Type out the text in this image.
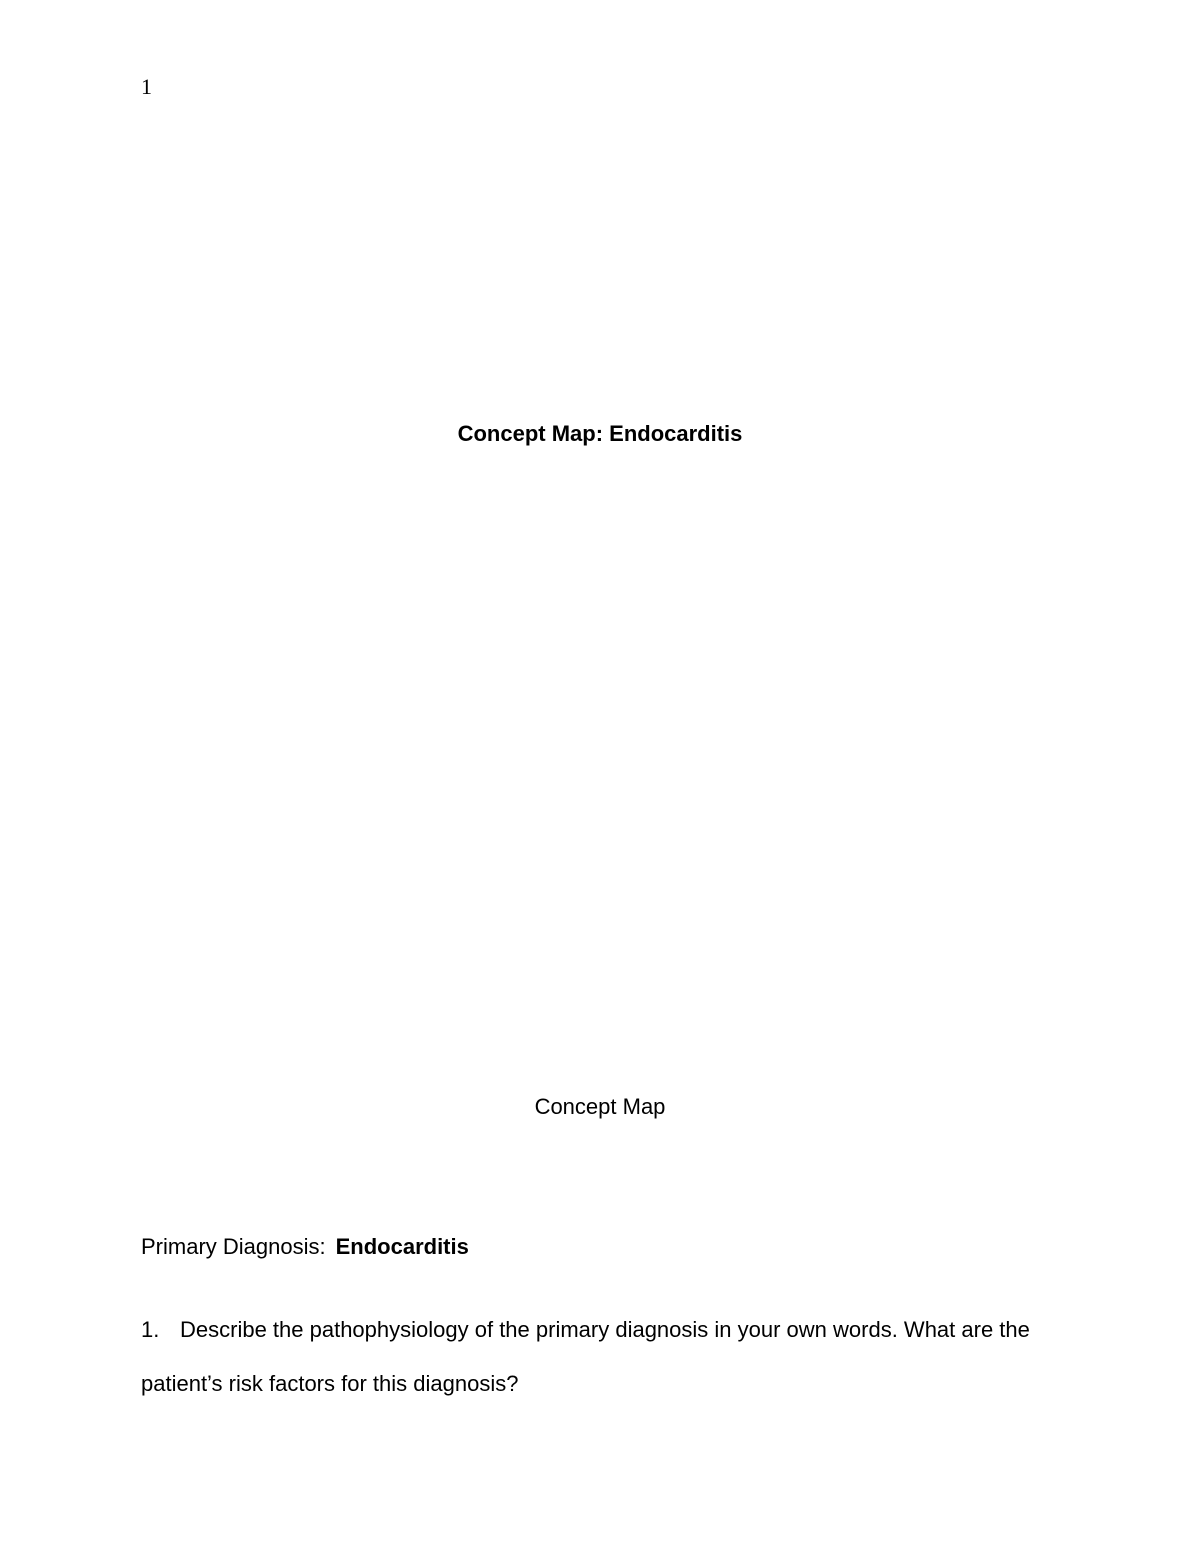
1
Concept Map: Endocarditis
Concept Map
Primary Diagnosis: Endocarditis
1. Describe the pathophysiology of the primary diagnosis in your own words. What are the patient’s risk factors for this diagnosis?
